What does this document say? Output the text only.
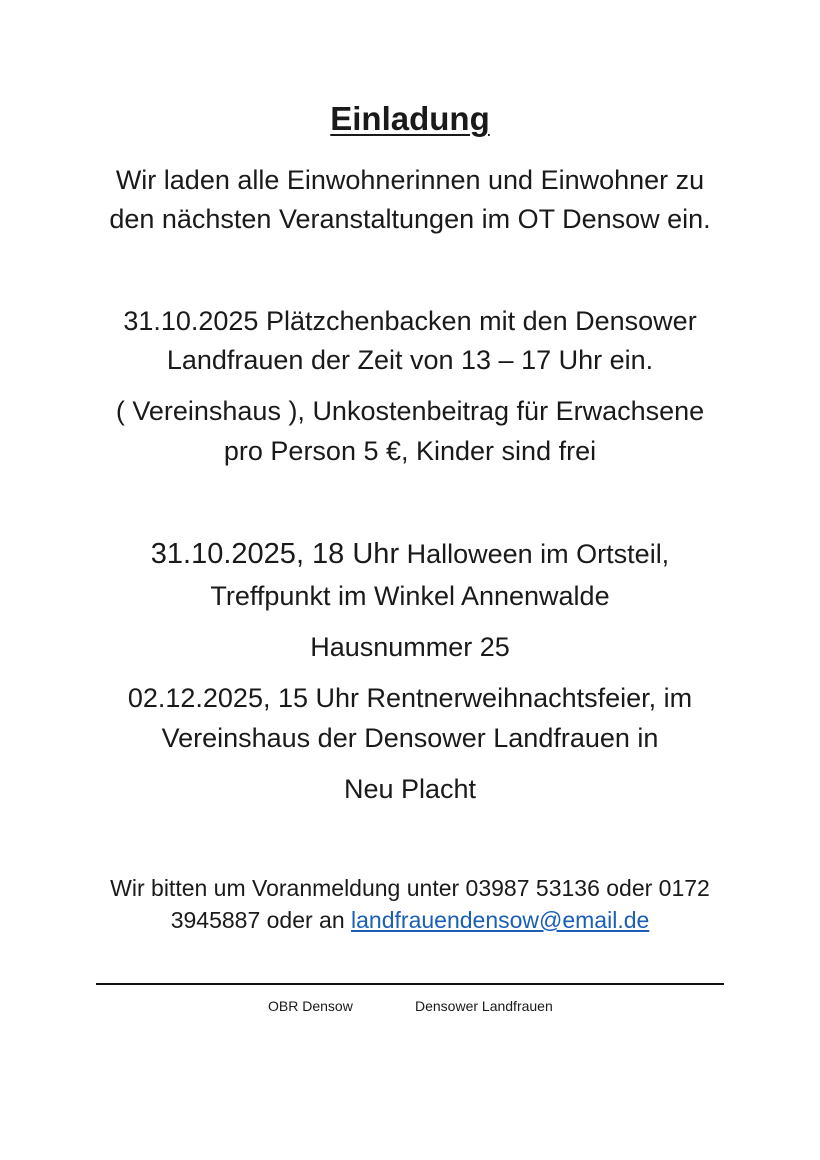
Einladung
Wir laden alle Einwohnerinnen und Einwohner zu
den nächsten Veranstaltungen im OT Densow ein.
31.10.2025 Plätzchenbacken mit den Densower
Landfrauen der Zeit von 13 – 17 Uhr ein.
( Vereinshaus ), Unkostenbeitrag für Erwachsene
pro Person 5 €, Kinder sind frei
31.10.2025, 18 Uhr Halloween im Ortsteil,
Treffpunkt im Winkel Annenwalde
Hausnummer 25
02.12.2025, 15 Uhr Rentnerweihnachtsfeier, im
Vereinshaus der Densower Landfrauen in
Neu Placht
Wir bitten um Voranmeldung unter 03987 53136 oder 0172
3945887 oder an landfrauendensow@email.de
OBR Densow	Densower Landfrauen
